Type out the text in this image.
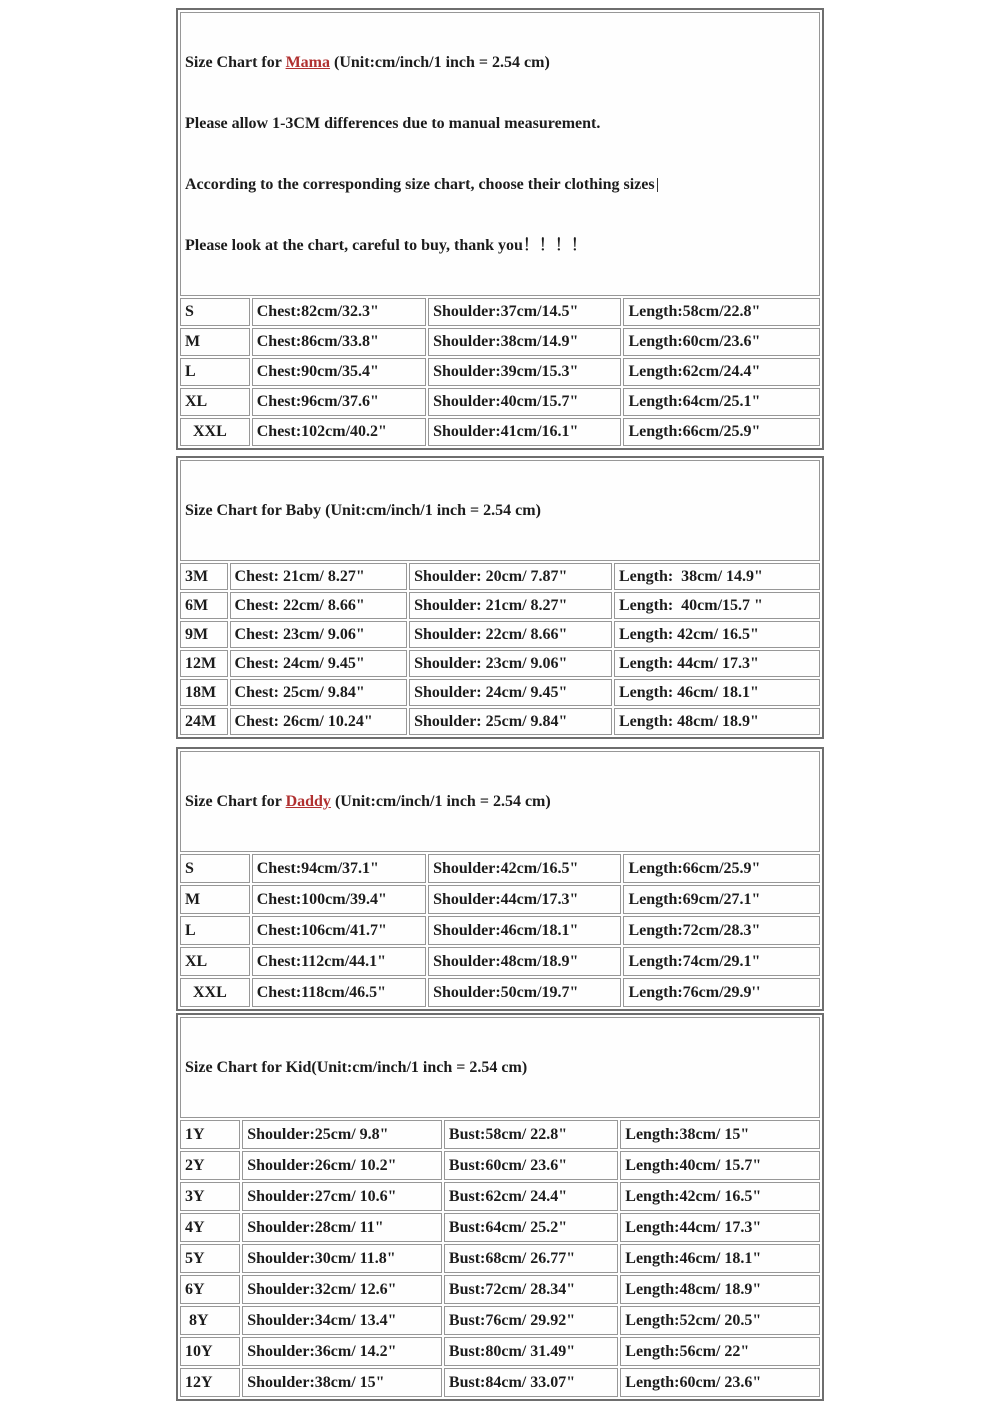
Size Chart for Mama (Unit:cm/inch/1 inch = 2.54 cm)

Please allow 1-3CM differences due to manual measurement.

According to the corresponding size chart, choose their clothing sizes

Please look at the chart, careful to buy, thank you！！！！			

S	Chest:82cm/32.3"	Shoulder:37cm/14.5"	Length:58cm/22.8"
M	Chest:86cm/33.8"	Shoulder:38cm/14.9"	Length:60cm/23.6"
L	Chest:90cm/35.4"	Shoulder:39cm/15.3"	Length:62cm/24.4"
XL	Chest:96cm/37.6"	Shoulder:40cm/15.7"	Length:64cm/25.1"
XXL	Chest:102cm/40.2"	Shoulder:41cm/16.1"	Length:66cm/25.9"

Size Chart for Baby (Unit:cm/inch/1 inch = 2.54 cm)			

3M	Chest: 21cm/ 8.27"	Shoulder: 20cm/ 7.87"	Length:  38cm/ 14.9"
6M	Chest: 22cm/ 8.66"	Shoulder: 21cm/ 8.27"	Length:  40cm/15.7 "
9M	Chest: 23cm/ 9.06"	Shoulder: 22cm/ 8.66"	Length: 42cm/ 16.5"
12M	Chest: 24cm/ 9.45"	Shoulder: 23cm/ 9.06"	Length: 44cm/ 17.3"
18M	Chest: 25cm/ 9.84"	Shoulder: 24cm/ 9.45"	Length: 46cm/ 18.1"
24M	Chest: 26cm/ 10.24"	Shoulder: 25cm/ 9.84"	Length: 48cm/ 18.9"

Size Chart for Daddy (Unit:cm/inch/1 inch = 2.54 cm)			

S	Chest:94cm/37.1"	Shoulder:42cm/16.5"	Length:66cm/25.9"
M	Chest:100cm/39.4"	Shoulder:44cm/17.3"	Length:69cm/27.1"
L	Chest:106cm/41.7"	Shoulder:46cm/18.1"	Length:72cm/28.3"
XL	Chest:112cm/44.1"	Shoulder:48cm/18.9"	Length:74cm/29.1"
XXL	Chest:118cm/46.5"	Shoulder:50cm/19.7"	Length:76cm/29.9''

Size Chart for Kid(Unit:cm/inch/1 inch = 2.54 cm)			

1Y	Shoulder:25cm/ 9.8"	Bust:58cm/ 22.8"	Length:38cm/ 15"
2Y	Shoulder:26cm/ 10.2"	Bust:60cm/ 23.6"	Length:40cm/ 15.7"
3Y	Shoulder:27cm/ 10.6"	Bust:62cm/ 24.4"	Length:42cm/ 16.5"
4Y	Shoulder:28cm/ 11"	Bust:64cm/ 25.2"	Length:44cm/ 17.3"
5Y	Shoulder:30cm/ 11.8"	Bust:68cm/ 26.77"	Length:46cm/ 18.1"
6Y	Shoulder:32cm/ 12.6"	Bust:72cm/ 28.34"	Length:48cm/ 18.9"
8Y	Shoulder:34cm/ 13.4"	Bust:76cm/ 29.92"	Length:52cm/ 20.5"
10Y	Shoulder:36cm/ 14.2"	Bust:80cm/ 31.49"	Length:56cm/ 22"
12Y	Shoulder:38cm/ 15"	Bust:84cm/ 33.07"	Length:60cm/ 23.6"
